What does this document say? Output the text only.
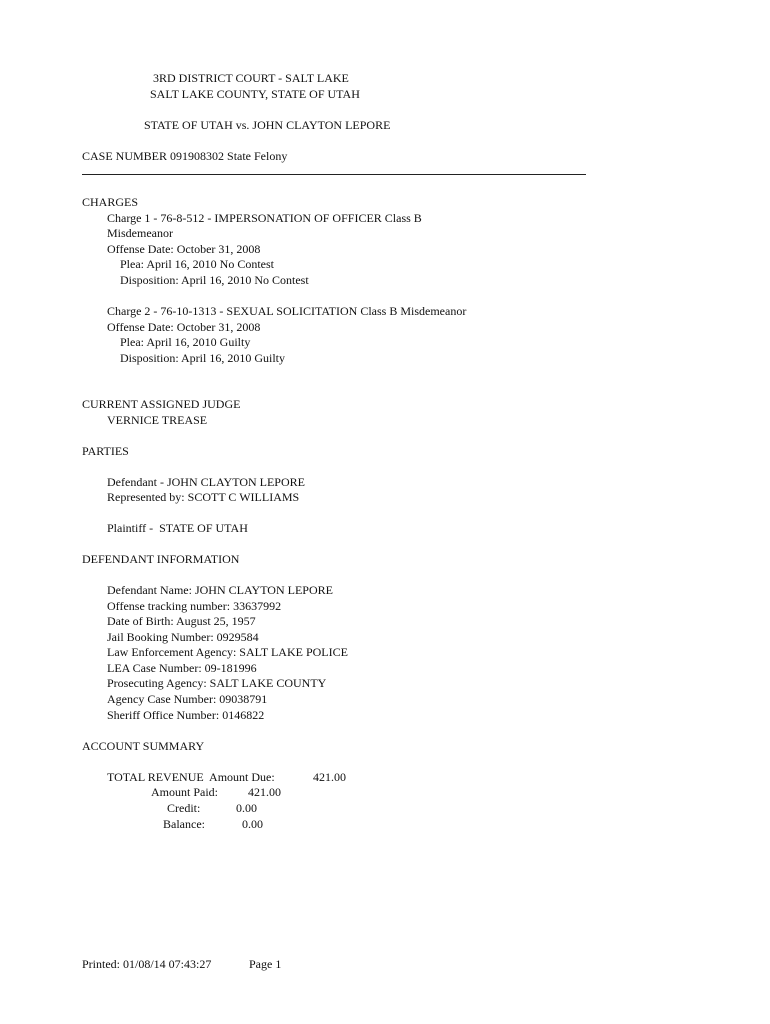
3RD DISTRICT COURT - SALT LAKE
SALT LAKE COUNTY, STATE OF UTAH
STATE OF UTAH vs. JOHN CLAYTON LEPORE
CASE NUMBER 091908302 State Felony
CHARGES
Charge 1 - 76-8-512 - IMPERSONATION OF OFFICER Class B
Misdemeanor
Offense Date: October 31, 2008
Plea: April 16, 2010 No Contest
Disposition: April 16, 2010 No Contest
Charge 2 - 76-10-1313 - SEXUAL SOLICITATION Class B Misdemeanor
Offense Date: October 31, 2008
Plea: April 16, 2010 Guilty
Disposition: April 16, 2010 Guilty
CURRENT ASSIGNED JUDGE
VERNICE TREASE
PARTIES
Defendant - JOHN CLAYTON LEPORE
Represented by: SCOTT C WILLIAMS
Plaintiff -  STATE OF UTAH
DEFENDANT INFORMATION
Defendant Name: JOHN CLAYTON LEPORE
Offense tracking number: 33637992
Date of Birth: August 25, 1957
Jail Booking Number: 0929584
Law Enforcement Agency: SALT LAKE POLICE
LEA Case Number: 09-181996
Prosecuting Agency: SALT LAKE COUNTY
Agency Case Number: 09038791
Sheriff Office Number: 0146822
ACCOUNT SUMMARY
TOTAL REVENUE  Amount Due:	421.00
Amount Paid: 421.00
Credit:	0.00
Balance:	0.00
Printed: 01/08/14 07:43:27	Page 1
